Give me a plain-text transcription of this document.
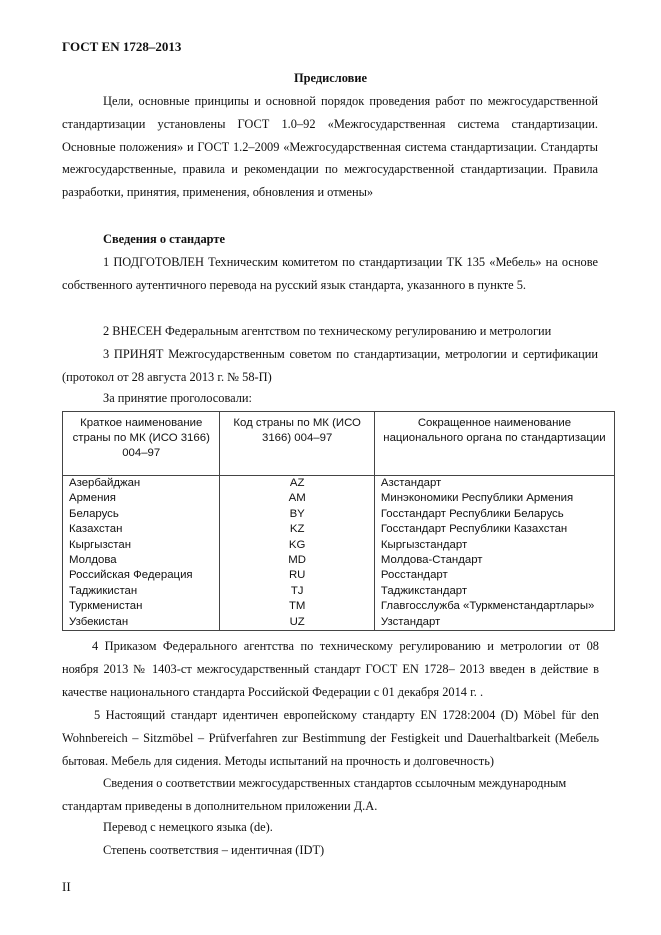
ГОСТ EN 1728–2013
Предисловие

Цели, основные принципы и основной порядок проведения работ по межгосударственной стандартизации установлены ГОСТ 1.0–92 «Межгосударственная система стандартизации. Основные положения» и ГОСТ 1.2–2009 «Межгосударственная система стандартизации. Стандарты межгосударственные, правила и рекомендации по межгосударственной стандартизации. Правила разработки, принятия, применения, обновления и отмены»

Сведения о стандарте

1 ПОДГОТОВЛЕН Техническим комитетом по стандартизации ТК 135 «Мебель» на основе собственного аутентичного перевода на русский язык стандарта, указанного в пункте 5.

2 ВНЕСЕН Федеральным агентством по техническому регулированию и метрологии

3 ПРИНЯТ Межгосударственным советом по стандартизации, метрологии и сертификации (протокол от 28 августа 2013 г. № 58-П)

За принятие проголосовали:
Краткое наименование страны по МК (ИСО 3166) 004–97	Код страны по МК (ИСО 3166) 004–97	Сокращенное наименование национального органа по стандартизации
Азербайджан	AZ	Азстандарт
Армения	AM	Минэкономики Республики Армения
Беларусь	BY	Госстандарт Республики Беларусь
Казахстан	KZ	Госстандарт Республики Казахстан
Кыргызстан	KG	Кыргызстандарт
Молдова	MD	Молдова-Стандарт
Российская Федерация	RU	Росстандарт
Таджикистан	TJ	Таджикстандарт
Туркменистан	TM	Главгосслужба «Туркменстандартлары»
Узбекистан	UZ	Узстандарт

4 Приказом Федерального агентства по техническому регулированию и метрологии от 08 ноября 2013 № 1403-ст межгосударственный стандарт ГОСТ EN 1728– 2013 введен в действие в качестве национального стандарта Российской Федерации с 01 декабря 2014 г. .

5 Настоящий стандарт идентичен европейскому стандарту EN 1728:2004 (D) Möbel für den Wohnbereich – Sitzmöbel – Prüfverfahren zur Bestimmung der Festigkeit und Dauerhaltbarkeit (Мебель бытовая. Мебель для сидения. Методы испытаний на прочность и долговечность)

Сведения о соответствии межгосударственных стандартов ссылочным международным стандартам приведены в дополнительном приложении Д.А.

Перевод с немецкого языка (de).
Степень соответствия – идентичная (IDT)
II
